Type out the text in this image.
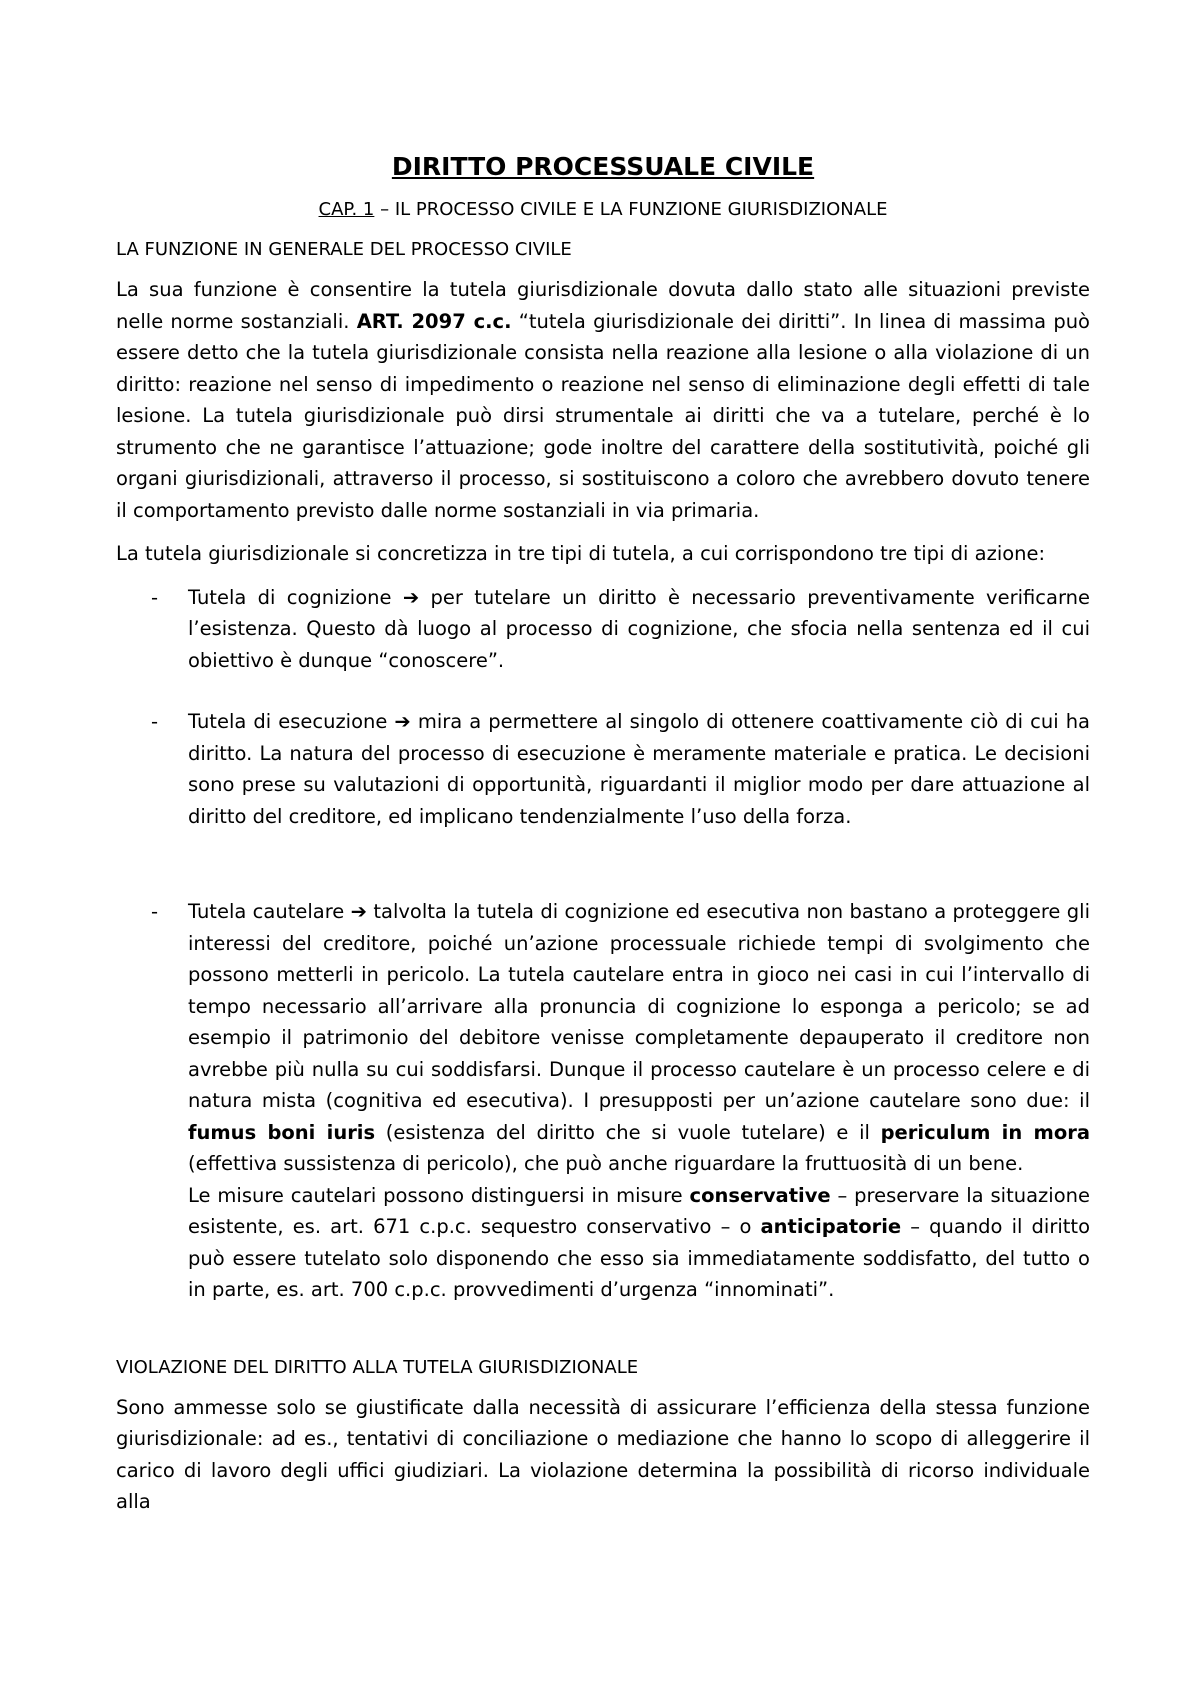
DIRITTO PROCESSUALE CIVILE
CAP. 1 – IL PROCESSO CIVILE E LA FUNZIONE GIURISDIZIONALE
LA FUNZIONE IN GENERALE DEL PROCESSO CIVILE

La sua funzione è consentire la tutela giurisdizionale dovuta dallo stato alle situazioni previste nelle norme sostanziali. ART. 2097 c.c. “tutela giurisdizionale dei diritti”. In linea di massima può essere detto che la tutela giurisdizionale consista nella reazione alla lesione o alla violazione di un diritto: reazione nel senso di impedimento o reazione nel senso di eliminazione degli effetti di tale lesione. La tutela giurisdizionale può dirsi strumentale ai diritti che va a tutelare, perché è lo strumento che ne garantisce l’attuazione; gode inoltre del carattere della sostitutività, poiché gli organi giurisdizionali, attraverso il processo, si sostituiscono a coloro che avrebbero dovuto tenere il comportamento previsto dalle norme sostanziali in via primaria.

La tutela giurisdizionale si concretizza in tre tipi di tutela, a cui corrispondono tre tipi di azione:

- Tutela di cognizione ➔ per tutelare un diritto è necessario preventivamente verificarne l’esistenza. Questo dà luogo al processo di cognizione, che sfocia nella sentenza ed il cui obiettivo è dunque “conoscere”.
- Tutela di esecuzione ➔ mira a permettere al singolo di ottenere coattivamente ciò di cui ha diritto. La natura del processo di esecuzione è meramente materiale e pratica. Le decisioni sono prese su valutazioni di opportunità, riguardanti il miglior modo per dare attuazione al diritto del creditore, ed implicano tendenzialmente l’uso della forza.
- Tutela cautelare ➔ talvolta la tutela di cognizione ed esecutiva non bastano a proteggere gli interessi del creditore, poiché un’azione processuale richiede tempi di svolgimento che possono metterli in pericolo. La tutela cautelare entra in gioco nei casi in cui l’intervallo di tempo necessario all’arrivare alla pronuncia di cognizione lo esponga a pericolo; se ad esempio il patrimonio del debitore venisse completamente depauperato il creditore non avrebbe più nulla su cui soddisfarsi. Dunque il processo cautelare è un processo celere e di natura mista (cognitiva ed esecutiva). I presupposti per un’azione cautelare sono due: il fumus boni iuris (esistenza del diritto che si vuole tutelare) e il periculum in mora (effettiva sussistenza di pericolo), che può anche riguardare la fruttuosità di un bene.
Le misure cautelari possono distinguersi in misure conservative – preservare la situazione esistente, es. art. 671 c.p.c. sequestro conservativo – o anticipatorie – quando il diritto può essere tutelato solo disponendo che esso sia immediatamente soddisfatto, del tutto o in parte, es. art. 700 c.p.c. provvedimenti d’urgenza “innominati”.
VIOLAZIONE DEL DIRITTO ALLA TUTELA GIURISDIZIONALE

Sono ammesse solo se giustificate dalla necessità di assicurare l’efficienza della stessa funzione giurisdizionale: ad es., tentativi di conciliazione o mediazione che hanno lo scopo di alleggerire il carico di lavoro degli uffici giudiziari. La violazione determina la possibilità di ricorso individuale alla
